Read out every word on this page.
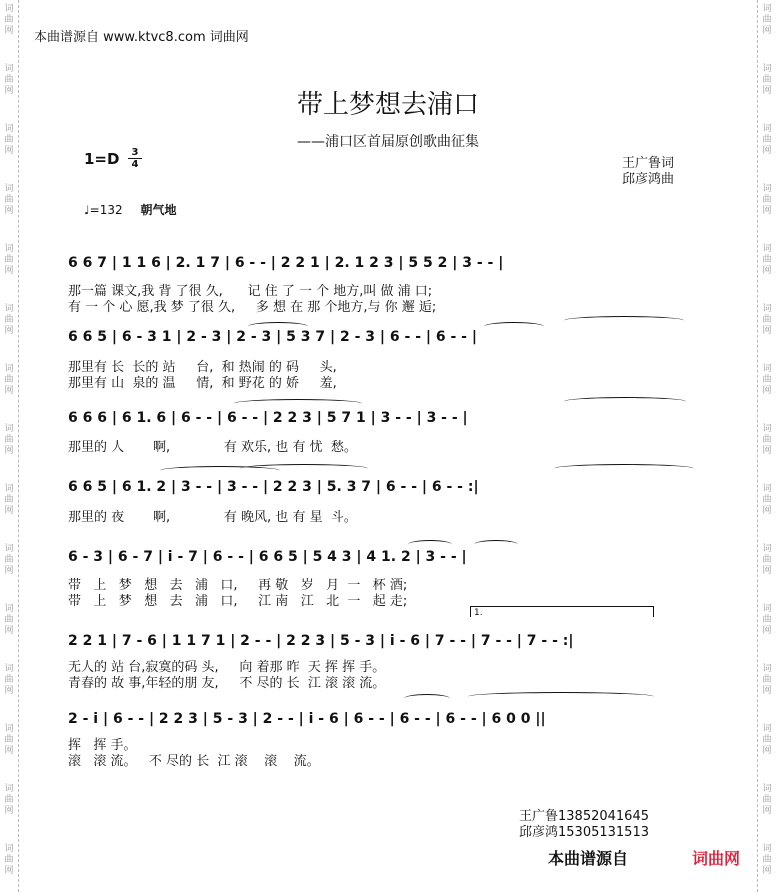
词
曲
网
词
曲
网
词
曲
网
词
曲
网
词
曲
网
词
曲
网
词
曲
网
词
曲
网
词
曲
网
词
曲
网
词
曲
网
词
曲
网
词
曲
网
词
曲
网
词
曲
网
词
曲
网
词
曲
网
词
曲
网
词
曲
网
词
曲
网
词
曲
网
词
曲
网
词
曲
网
词
曲
网
词
曲
网
词
曲
网
词
曲
网
词
曲
网
词
曲
网
词
曲
网
本曲谱源自 www.ktvc8.com 词曲网
带上梦想去浦口
——浦口区首届原创歌曲征集
1=D	3
4	王广鲁词
邱彦鸿曲
♩=132 朝气地
6 6 7 | 1 1 6 | 2. 1 7 | 6 - - | 2 2 1 | 2. 1 2 3 | 5 5 2 | 3 - - |
那一篇 课文,我 背 了很 久,      记 住 了 一 个 地方,叫 做 浦 口;
有 一 个 心 愿,我 梦 了很 久,     多 想 在 那 个地方,与 你 邂 逅;
6 6 5 | 6 - 3 1 | 2 - 3 | 2 - 3 | 5 3 7 | 2 - 3 | 6 - - | 6 - - |
那里有 长  长的 站     台,  和 热闹 的 码     头,
那里有 山  泉的 温     情,  和 野花 的 娇     羞,
6 6 6 | 6 1. 6 | 6 - - | 6 - - | 2 2 3 | 5 7 1 | 3 - - | 3 - - |
那里的 人       啊,             有 欢乐, 也 有 忧  愁。
6 6 5 | 6 1. 2 | 3 - - | 3 - - | 2 2 3 | 5. 3 7 | 6 - - | 6 - - :|
那里的 夜       啊,             有 晚风, 也 有 星  斗。
6 - 3 | 6 - 7 | i - 7 | 6 - - | 6 6 5 | 5 4 3 | 4 1. 2 | 3 - - |
带   上   梦   想   去   浦   口,     再 敬   岁   月  一   杯 酒;
带   上   梦   想   去   浦   口,     江 南   江   北  一   起 走;
1.
2 2 1 | 7 - 6 | 1 1 7 1 | 2 - - | 2 2 3 | 5 - 3 | i - 6 | 7 - - | 7 - - | 7 - - :|
无人的 站 台,寂寞的码 头,     向 着那 昨  天 挥 挥 手。
青春的 故 事,年轻的朋 友,     不 尽的 长  江 滚 滚 流。
2 - i | 6 - - | 2 2 3 | 5 - 3 | 2 - - | i - 6 | 6 - - | 6 - - | 6 - - | 6 0 0 ||
挥   挥 手。
滚   滚 流。   不 尽的 长  江 滚    滚    流。
王广鲁13852041645
邱彦鸿15305131513
本曲谱源自	词曲网
